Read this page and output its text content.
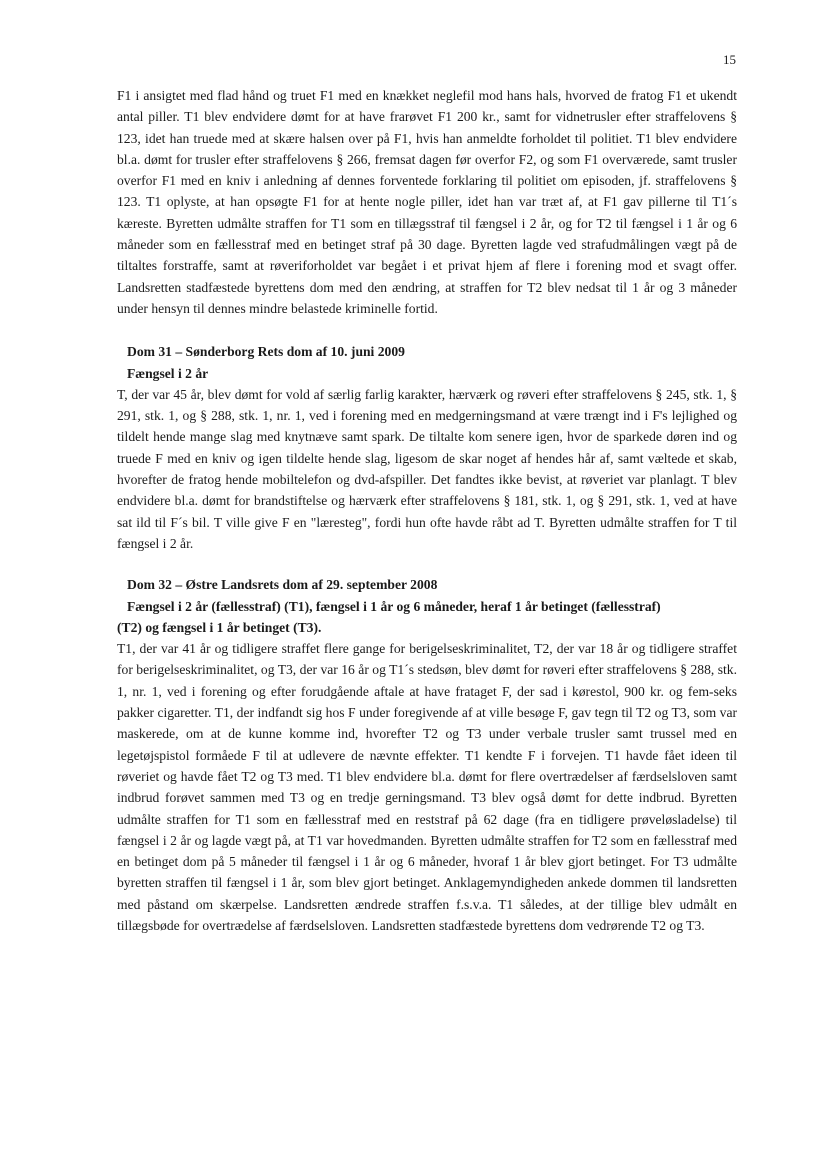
15

F1 i ansigtet med flad hånd og truet F1 med en knækket neglefil mod hans hals, hvorved de fratog F1 et ukendt antal piller. T1 blev endvidere dømt for at have frarøvet F1 200 kr., samt for vidnetrusler efter straffelovens § 123, idet han truede med at skære halsen over på F1, hvis han anmeldte forholdet til politiet. T1 blev endvidere bl.a. dømt for trusler efter straffelovens § 266, fremsat dagen før overfor F2, og som F1 overværede, samt trusler overfor F1 med en kniv i anledning af dennes forventede forklaring til politiet om episoden, jf. straffelovens § 123. T1 oplyste, at han opsøgte F1 for at hente nogle piller, idet han var træt af, at F1 gav pillerne til T1´s kæreste. Byretten udmålte straffen for T1 som en tillægsstraf til fængsel i 2 år, og for T2 til fængsel i 1 år og 6 måneder som en fællesstraf med en betinget straf på 30 dage. Byretten lagde ved strafudmålingen vægt på de tiltaltes forstraffe, samt at røveriforholdet var begået i et privat hjem af flere i forening mod et svagt offer. Landsretten stadfæstede byrettens dom med den ændring, at straffen for T2 blev nedsat til 1 år og 3 måneder under hensyn til dennes mindre belastede kriminelle fortid.

Dom 31 – Sønderborg Rets dom af 10. juni 2009
Fængsel i 2 år

T, der var 45 år, blev dømt for vold af særlig farlig karakter, hærværk og røveri efter straffelovens § 245, stk. 1, § 291, stk. 1, og § 288, stk. 1, nr. 1, ved i forening med en medgerningsmand at være trængt ind i F's lejlighed og tildelt hende mange slag med knytnæve samt spark. De tiltalte kom senere igen, hvor de sparkede døren ind og truede F med en kniv og igen tildelte hende slag, ligesom de skar noget af hendes hår af, samt væltede et skab, hvorefter de fratog hende mobiltelefon og dvd-afspiller. Det fandtes ikke bevist, at røveriet var planlagt. T blev endvidere bl.a. dømt for brandstiftelse og hærværk efter straffelovens § 181, stk. 1, og § 291, stk. 1, ved at have sat ild til F´s bil. T ville give F en "læresteg", fordi hun ofte havde råbt ad T. Byretten udmålte straffen for T til fængsel i 2 år.

Dom 32 – Østre Landsrets dom af 29. september 2008
Fængsel i 2 år (fællesstraf) (T1), fængsel i 1 år og 6 måneder, heraf 1 år betinget (fællesstraf)
(T2) og fængsel i 1 år betinget (T3).

T1, der var 41 år og tidligere straffet flere gange for berigelseskriminalitet, T2, der var 18 år og tidligere straffet for berigelseskriminalitet, og T3, der var 16 år og T1´s stedsøn, blev dømt for røveri efter straffelovens § 288, stk. 1, nr. 1, ved i forening og efter forudgående aftale at have frataget F, der sad i kørestol, 900 kr. og fem-seks pakker cigaretter. T1, der indfandt sig hos F under foregivende af at ville besøge F, gav tegn til T2 og T3, som var maskerede, om at de kunne komme ind, hvorefter T2 og T3 under verbale trusler samt trussel med en legetøjspistol formåede F til at udlevere de nævnte effekter. T1 kendte F i forvejen. T1 havde fået ideen til røveriet og havde fået T2 og T3 med. T1 blev endvidere bl.a. dømt for flere overtrædelser af færdselsloven samt indbrud forøvet sammen med T3 og en tredje gerningsmand. T3 blev også dømt for dette indbrud. Byretten udmålte straffen for T1 som en fællesstraf med en reststraf på 62 dage (fra en tidligere prøveløsladelse) til fængsel i 2 år og lagde vægt på, at T1 var hovedmanden. Byretten udmålte straffen for T2 som en fællesstraf med en betinget dom på 5 måneder til fængsel i 1 år og 6 måneder, hvoraf 1 år blev gjort betinget. For T3 udmålte byretten straffen til fængsel i 1 år, som blev gjort betinget. Anklagemyndigheden ankede dommen til landsretten med påstand om skærpelse. Landsretten ændrede straffen f.s.v.a. T1 således, at der tillige blev udmålt en tillægsbøde for overtrædelse af færdselsloven. Landsretten stadfæstede byrettens dom vedrørende T2 og T3.
